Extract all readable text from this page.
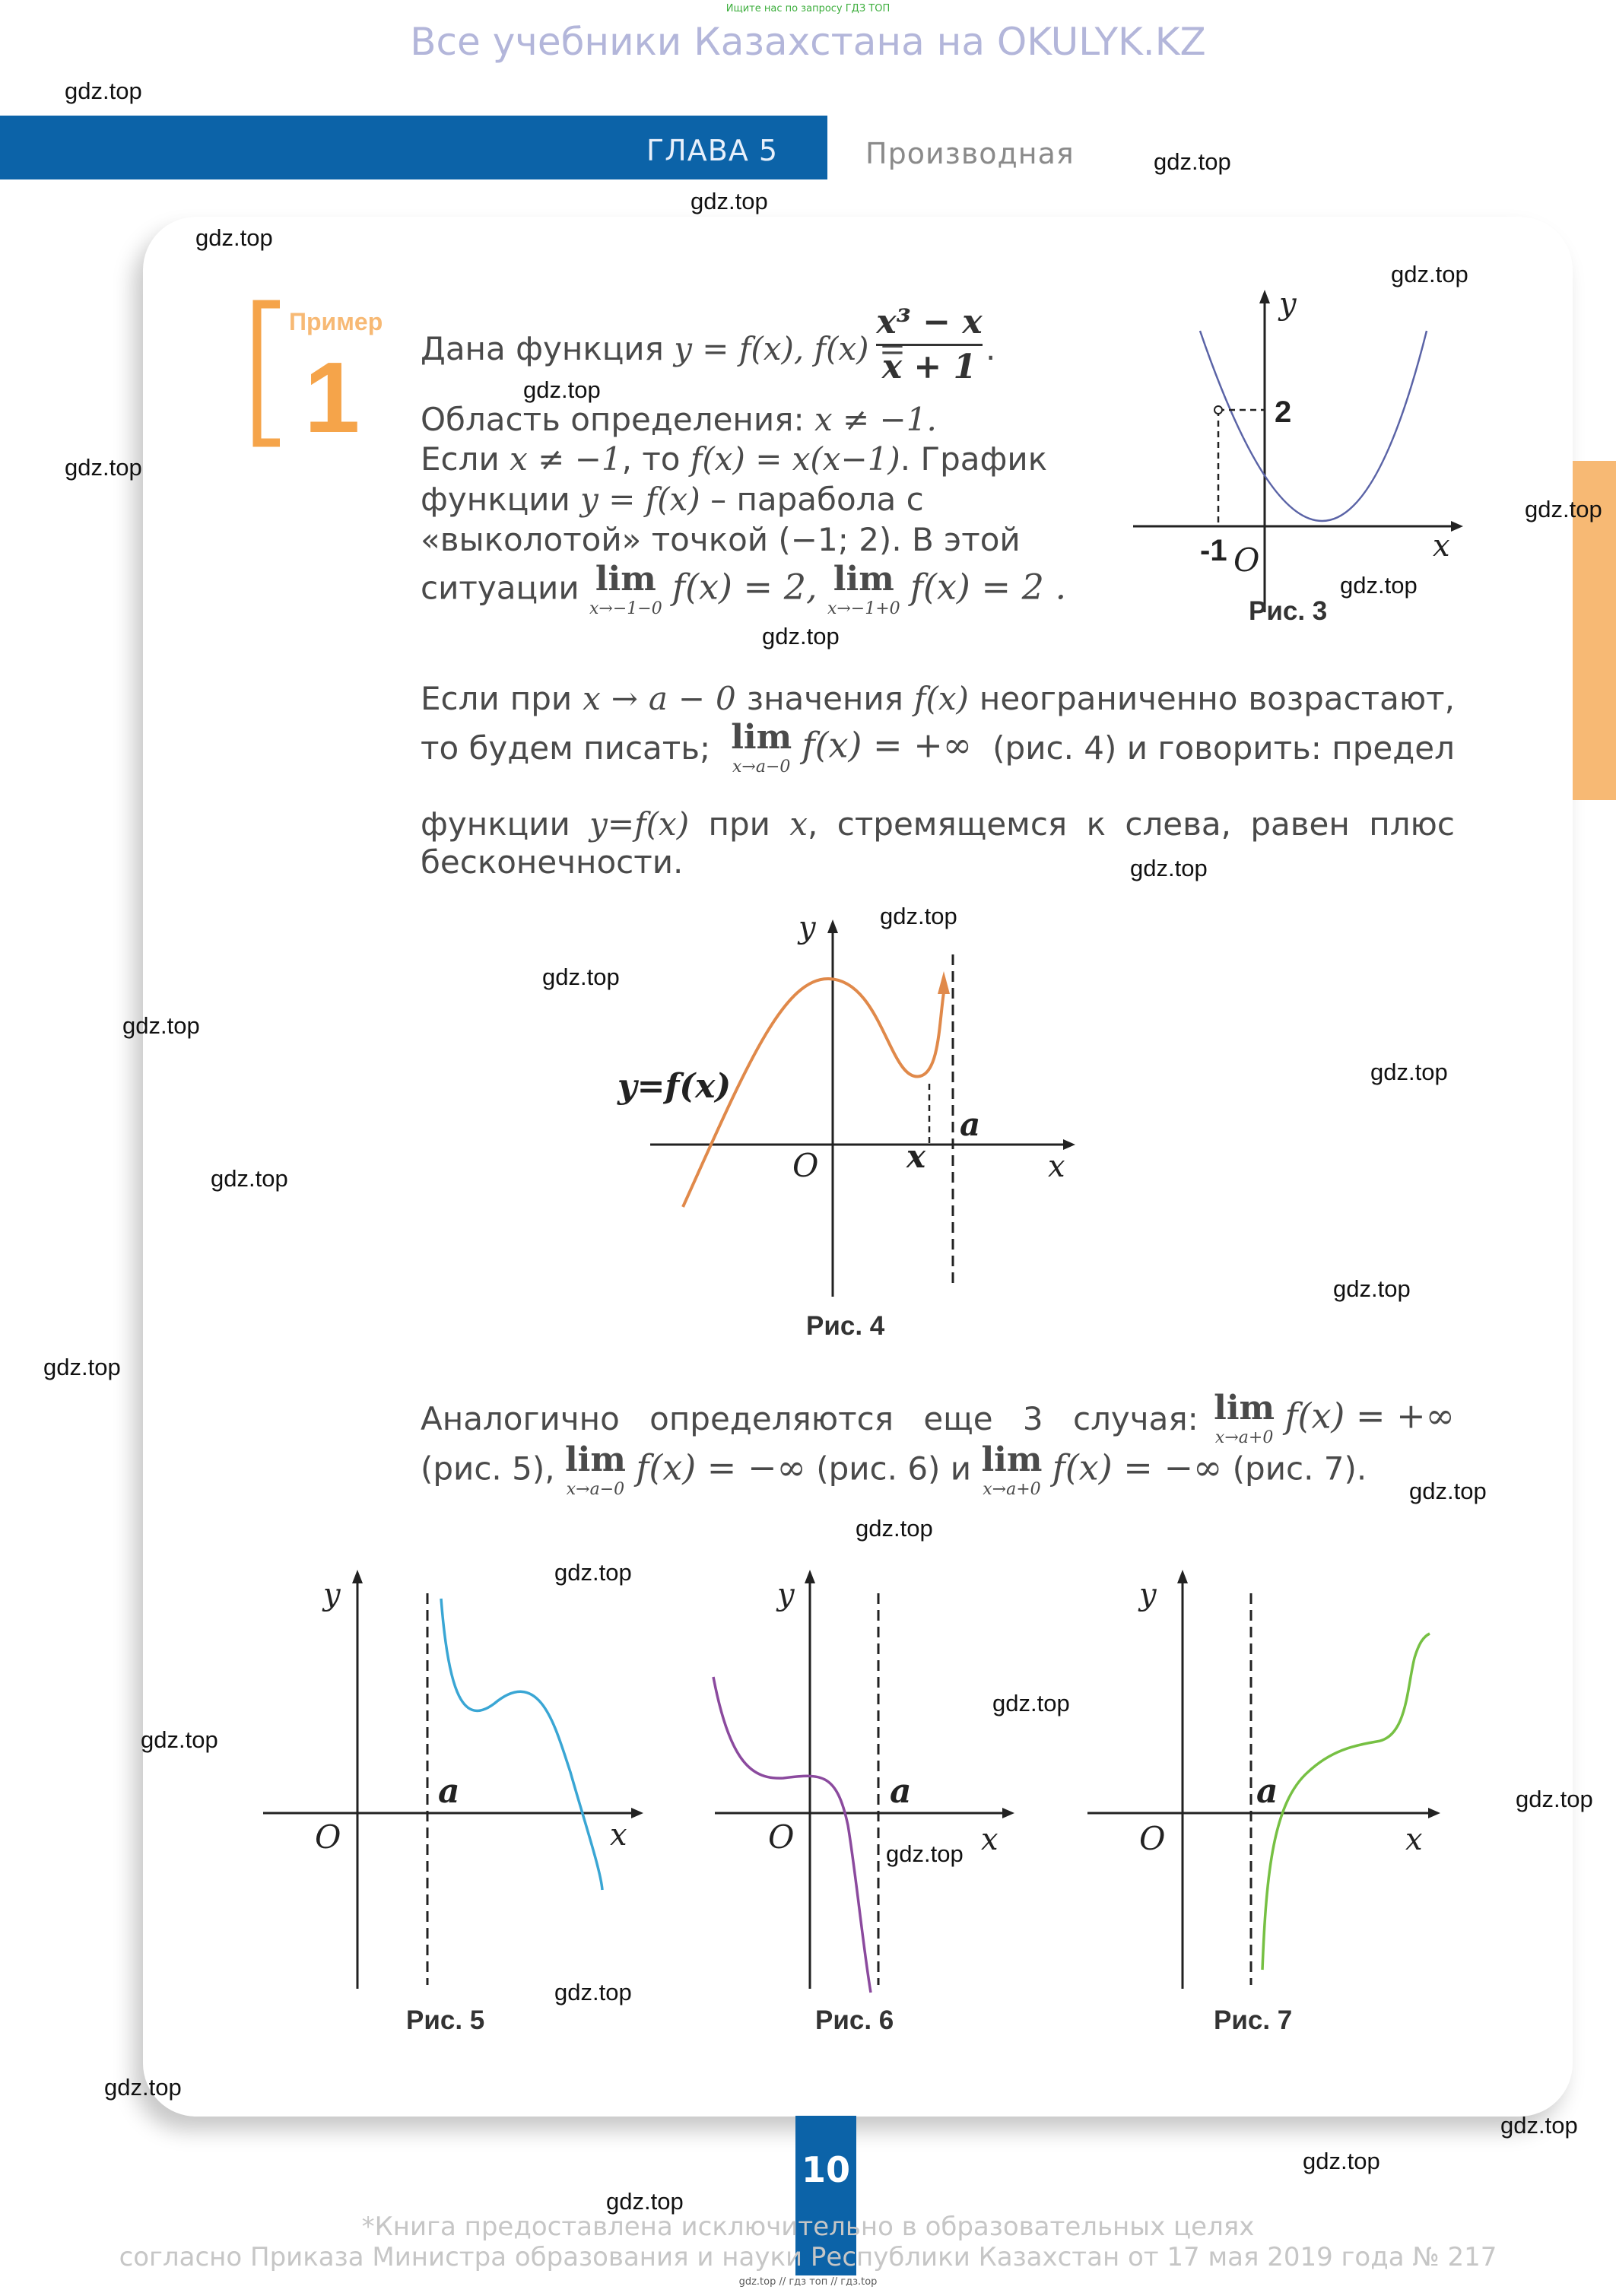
Ищите нас по запросу ГДЗ ТОП
Все учебники Казахстана на OKULYK.KZ
ГЛАВА 5	Производная
Пример
1 Дана функция y = f(x), f(x) =
x³ − x
x + 1 .
Область определения: x ≠ −1.
Если x ≠ −1, то f(x) = x(x−1). График
функции y = f(x) – парабола с
«выколотой» точкой (−1; 2). В этой
ситуации lim
x→−1−0
f(x) = 2, lim
x→−1+0
f(x) = 2 .
y
x
2
-1 O
Рис. 3
Если при x → a − 0 значения f(x) неограниченно возрастают,
то будем писать; lim
x→a−0
f(x) = +∞ (рис. 4) и говорить: предел
функции y=f(x) при x, стремящемся к слева, равен плюс
бесконечности.
y
x
O	x
a
y=f(x)
Рис. 4
Аналогично определяются еще 3 случая: lim
x→a+0
f(x) = +∞
(рис. 5), lim
x→a−0
f(x) = −∞ (рис. 6) и lim
x→a+0
f(x) = −∞ (рис. 7).
y
x
O
a
Рис. 5
y
x
O
a
Рис. 6
y
x
O
a
Рис. 7
10
*Книга предоставлена исключительно в образовательных целях
согласно Приказа Министра образования и науки Республики Казахстан от 17 мая 2019 года № 217
gdz.top // гдз топ // гдз.top
gdz.top
gdz.top
gdz.top
gdz.top
gdz.top
gdz.top
gdz.top
gdz.top
gdz.top
gdz.top
gdz.top
gdz.top
gdz.top
gdz.top
gdz.top
gdz.top
gdz.top
gdz.top
gdz.top
gdz.top
gdz.top
gdz.top
gdz.top
gdz.top
gdz.top
gdz.top
gdz.top
gdz.top
gdz.top
gdz.top
